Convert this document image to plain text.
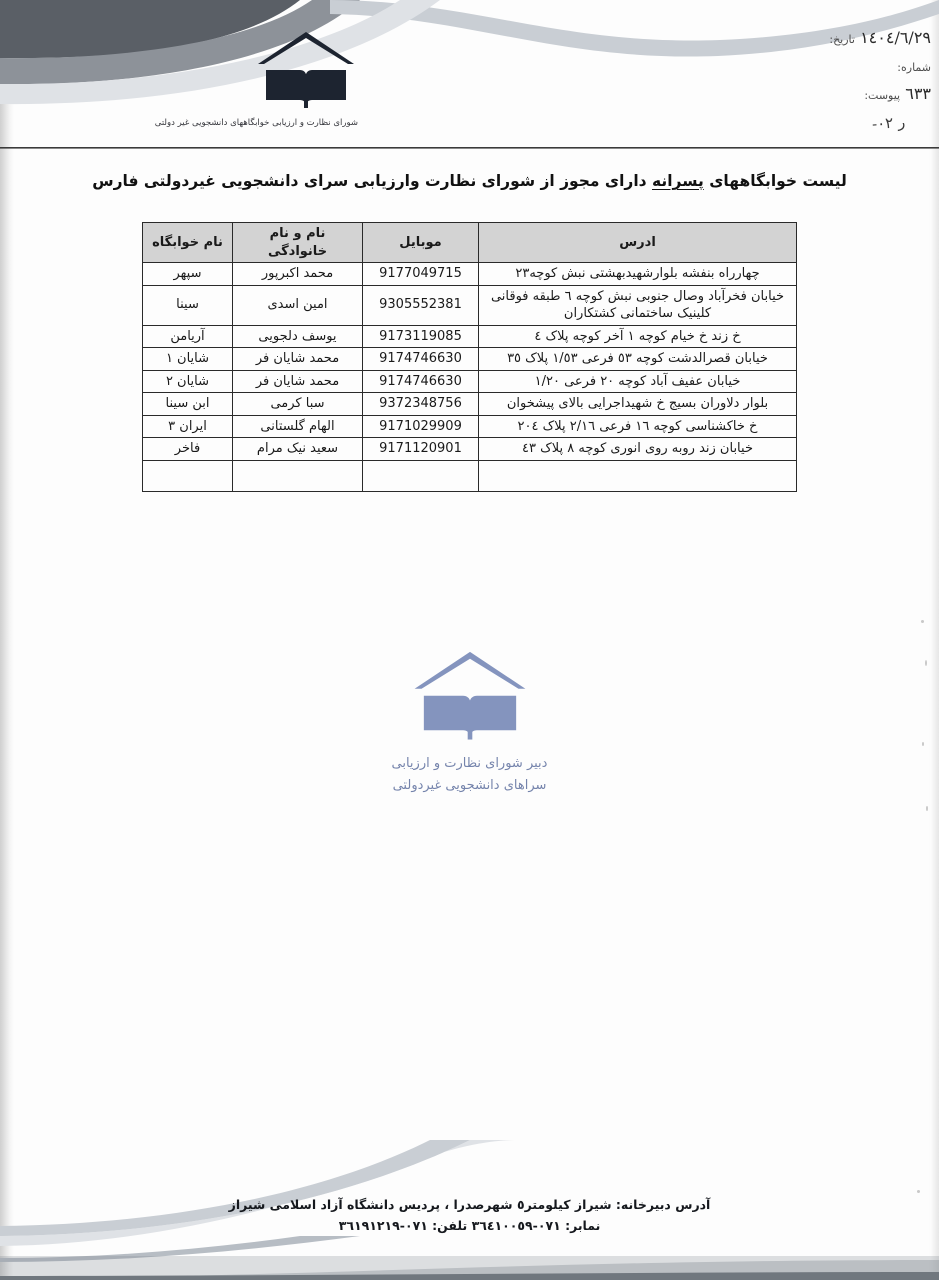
١٤٠٤/٦/٢٩ تاریخ:
شماره:
٦٣٣ پیوست:
ر ٠٢-
شورای نظارت و ارزیابی خوابگاههای دانشجویی غیر دولتی
لیست خوابگاههای پسرانه دارای مجوز از شورای نظارت وارزیابی سرای دانشجویی غیردولتی فارس
ادرس	موبایل	نام و نام خانوادگی	نام خوابگاه
چهارراه بنفشه بلوارشهیدبهشتی نبش کوچه٢٣	9177049715	محمد اکبرپور	سپهر
خیابان فخرآباد وصال جنوبی نبش کوچه ٦ طبقه فوقانی کلینیک ساختمانی کشتکاران	9305552381	امین اسدی	سینا
خ زند خ خیام کوچه ١ آخر کوچه پلاک ٤	9173119085	یوسف دلجویی	آریامن
خیابان قصرالدشت کوچه ٥٣ فرعی ١/٥٣ پلاک ٣٥	9174746630	محمد شایان فر	شایان ١
خیابان عفیف آباد کوچه ٢٠ فرعی ١/٢٠	9174746630	محمد شایان فر	شایان ٢
بلوار دلاوران بسیج خ شهیداجرایی بالای پیشخوان	9372348756	سبا کرمی	ابن سینا
خ خاکشناسی کوچه ١٦ فرعی ٢/١٦ پلاک ٢٠٤	9171029909	الهام گلستانی	ایران ٣
خیابان زند روبه روی انوری کوچه ٨ پلاک ٤٣	9171120901	سعید نیک مرام	فاخر

دبیر شورای نظارت و ارزیابی
سراهای دانشجویی غیردولتی
آدرس دبیرخانه: شیراز کیلومتر٥ شهرصدرا ، پردیس دانشگاه آزاد اسلامی شیراز
نمابر: ٠٧١-٣٦٤١٠٠٥٩ تلفن: ٠٧١-٣٦١٩١٢١٩
